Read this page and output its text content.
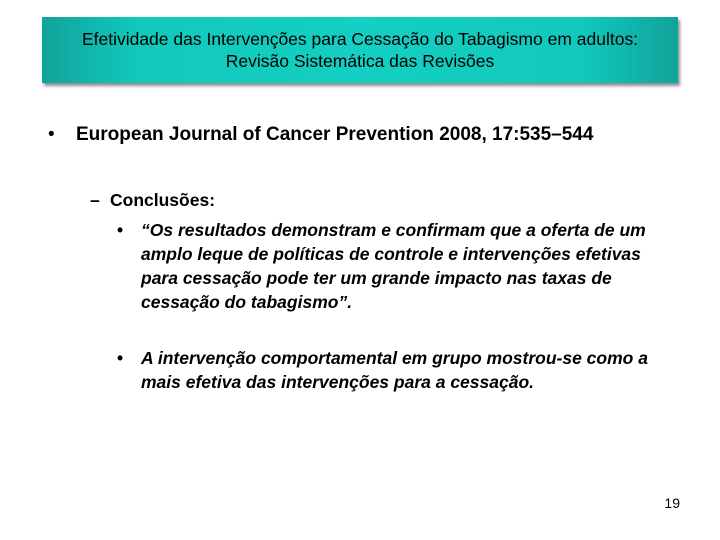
Efetividade das Intervenções para Cessação do Tabagismo em adultos: Revisão Sistemática das Revisões
•	European Journal of Cancer Prevention 2008, 17:535–544
– Conclusões:
•	“Os resultados demonstram e confirmam que a oferta de um amplo leque de políticas de controle e intervenções efetivas para cessação pode ter um grande impacto nas taxas de cessação do tabagismo”.
•	A intervenção comportamental em grupo mostrou-se como a mais efetiva das intervenções para a cessação.
19
